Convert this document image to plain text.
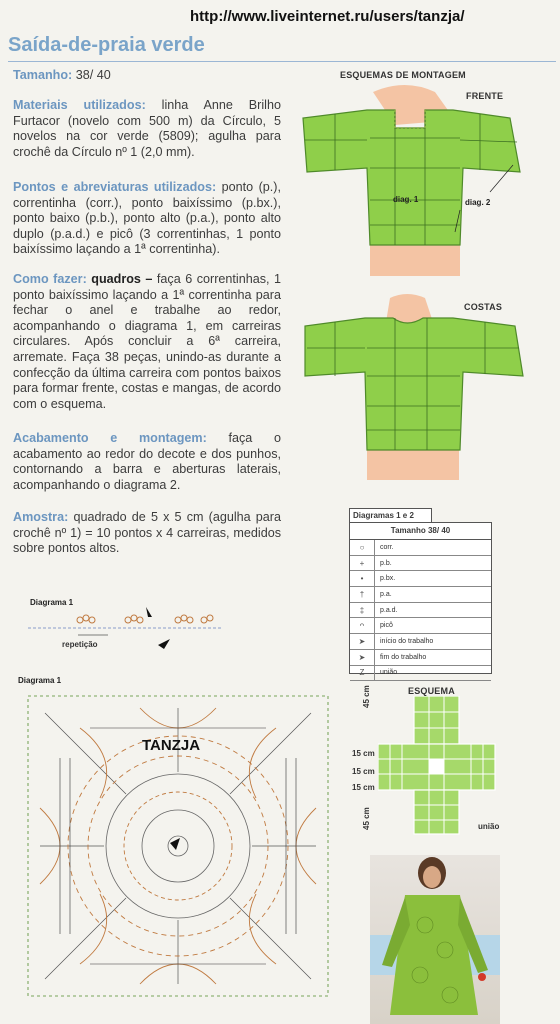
http://www.liveinternet.ru/users/tanzja/
Saída-de-praia verde
Tamanho: 38/ 40
Materiais utilizados: linha Anne Brilho Furtacor (novelo com 500 m) da Círculo, 5 novelos na cor verde (5809); agulha para crochê da Círculo nº 1 (2,0 mm).
Pontos e abreviaturas utilizados: ponto (p.), correntinha (corr.), ponto baixíssimo (p.bx.), ponto baixo (p.b.), ponto alto (p.a.), ponto alto duplo (p.a.d.) e picô (3 correntinhas, 1 ponto baixíssimo laçando a 1ª correntinha).
Como fazer: quadros – faça 6 correntinhas, 1 ponto baixíssimo laçando a 1ª correntinha para fechar o anel e trabalhe ao redor, acompanhando o diagrama 1, em carreiras circulares. Após concluir a 6ª carreira, arremate. Faça 38 peças, unindo-as durante a confecção da última carreira com pontos baixos para formar frente, costas e mangas, de acordo com o esquema.
Acabamento e montagem: faça o acabamento ao redor do decote e dos punhos, contornando a barra e aberturas laterais, acompanhando o diagrama 2.
Amostra: quadrado de 5 x 5 cm (agulha para crochê nº 1) = 10 pontos x 4 carreiras, medidos sobre pontos altos.
ESQUEMAS DE MONTAGEM
FRENTE
COSTAS
diag. 1	diag. 2
Diagrama 1
repetição
Diagrama 1
TANZJA
Diagramas 1 e 2
Tamanho 38/ 40
○	corr.
+	p.b.
•	p.bx.
†	p.a.
‡	p.a.d.
ᴖ	picô
➤	início do trabalho
➤	fim do trabalho
Z	união
ESQUEMA
45 cm
15 cm
15 cm
15 cm
45 cm	união
